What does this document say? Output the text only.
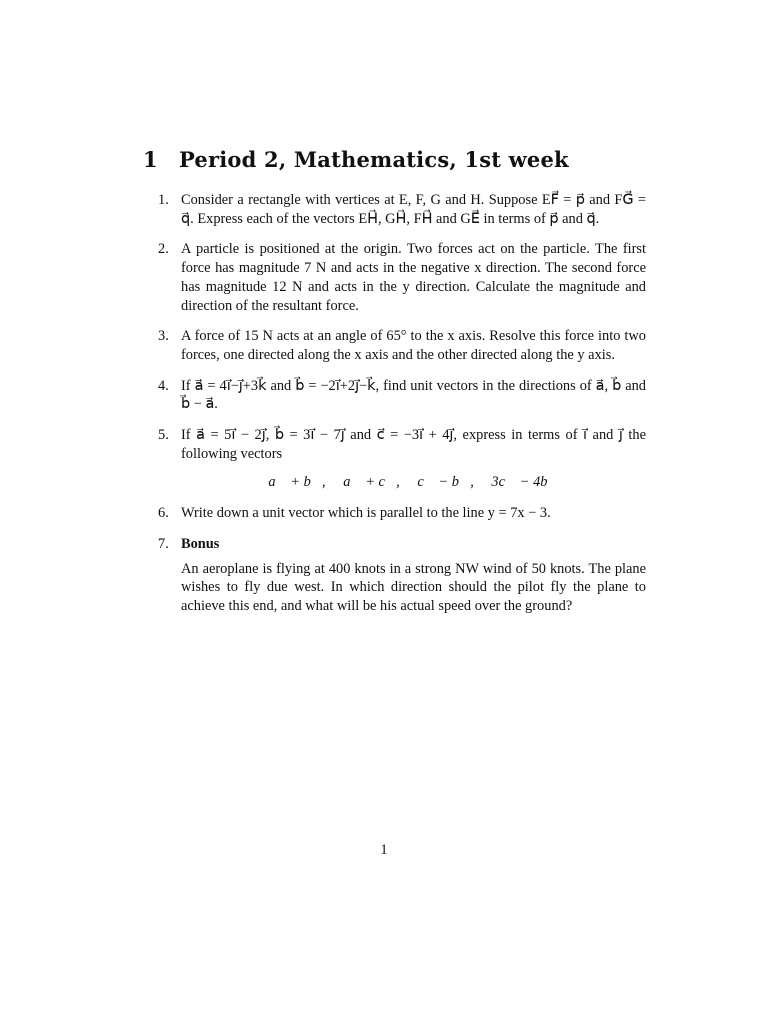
1 Period 2, Mathematics, 1st week
1. Consider a rectangle with vertices at E, F, G and H. Suppose EF⃗ = p⃗ and FG⃗ = q⃗. Express each of the vectors EH⃗, GH⃗, FH⃗ and GE⃗ in terms of p⃗ and q⃗.
2. A particle is positioned at the origin. Two forces act on the particle. The first force has magnitude 7 N and acts in the negative x direction. The second force has magnitude 12 N and acts in the y direction. Calculate the magnitude and direction of the resultant force.
3. A force of 15 N acts at an angle of 65° to the x axis. Resolve this force into two forces, one directed along the x axis and the other directed along the y axis.
4. If a⃗ = 4i⃗−j⃗+3k⃗ and b⃗ = −2i⃗+2j⃗−k⃗, find unit vectors in the directions of a⃗, b⃗ and b⃗ − a⃗.
5. If a⃗ = 5i⃗ − 2j⃗, b⃗ = 3i⃗ − 7j⃗ and c⃗ = −3i⃗ + 4j⃗, express in terms of i⃗ and j⃗ the following vectors
a⃗ + b⃗, a⃗ + c⃗, c⃗ − b⃗, 3c⃗ − 4b⃗
6. Write down a unit vector which is parallel to the line y = 7x − 3.
7. Bonus
An aeroplane is flying at 400 knots in a strong NW wind of 50 knots. The plane wishes to fly due west. In which direction should the pilot fly the plane to achieve this end, and what will be his actual speed over the ground?
1
